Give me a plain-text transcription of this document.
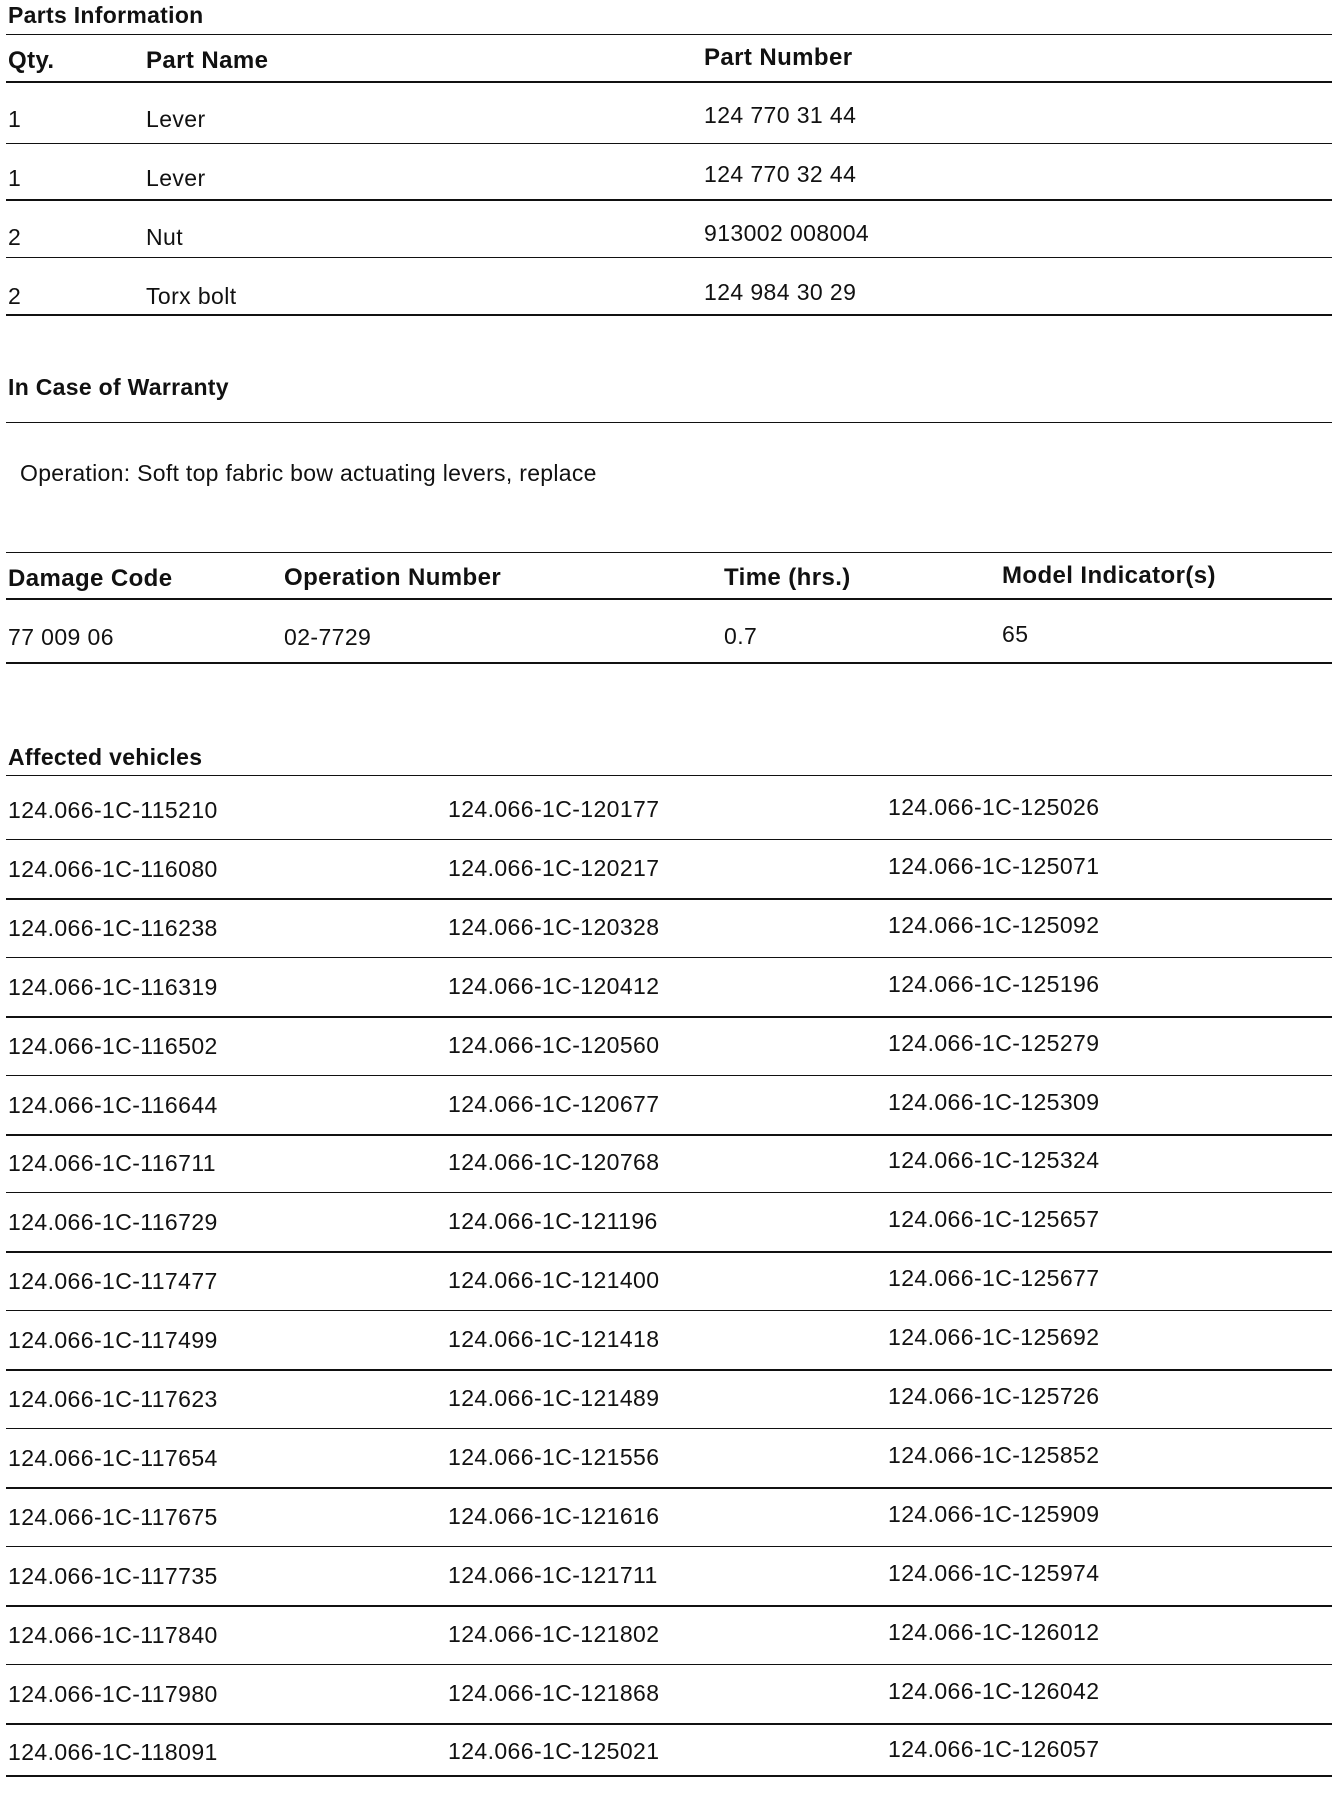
Parts Information
Qty.	Part Name	Part Number
1	Lever	124 770 31 44
1	Lever	124 770 32 44
2	Nut	913002 008004
2	Torx bolt	124 984 30 29
In Case of Warranty
Operation: Soft top fabric bow actuating levers, replace
Damage Code	Operation Number	Time (hrs.)	Model Indicator(s)
77 009 06	02-7729	0.7	65
Affected vehicles
124.066-1C-115210	124.066-1C-120177	124.066-1C-125026
124.066-1C-116080	124.066-1C-120217	124.066-1C-125071
124.066-1C-116238	124.066-1C-120328	124.066-1C-125092
124.066-1C-116319	124.066-1C-120412	124.066-1C-125196
124.066-1C-116502	124.066-1C-120560	124.066-1C-125279
124.066-1C-116644	124.066-1C-120677	124.066-1C-125309
124.066-1C-116711	124.066-1C-120768	124.066-1C-125324
124.066-1C-116729	124.066-1C-121196	124.066-1C-125657
124.066-1C-117477	124.066-1C-121400	124.066-1C-125677
124.066-1C-117499	124.066-1C-121418	124.066-1C-125692
124.066-1C-117623	124.066-1C-121489	124.066-1C-125726
124.066-1C-117654	124.066-1C-121556	124.066-1C-125852
124.066-1C-117675	124.066-1C-121616	124.066-1C-125909
124.066-1C-117735	124.066-1C-121711	124.066-1C-125974
124.066-1C-117840	124.066-1C-121802	124.066-1C-126012
124.066-1C-117980	124.066-1C-121868	124.066-1C-126042
124.066-1C-118091	124.066-1C-125021	124.066-1C-126057
